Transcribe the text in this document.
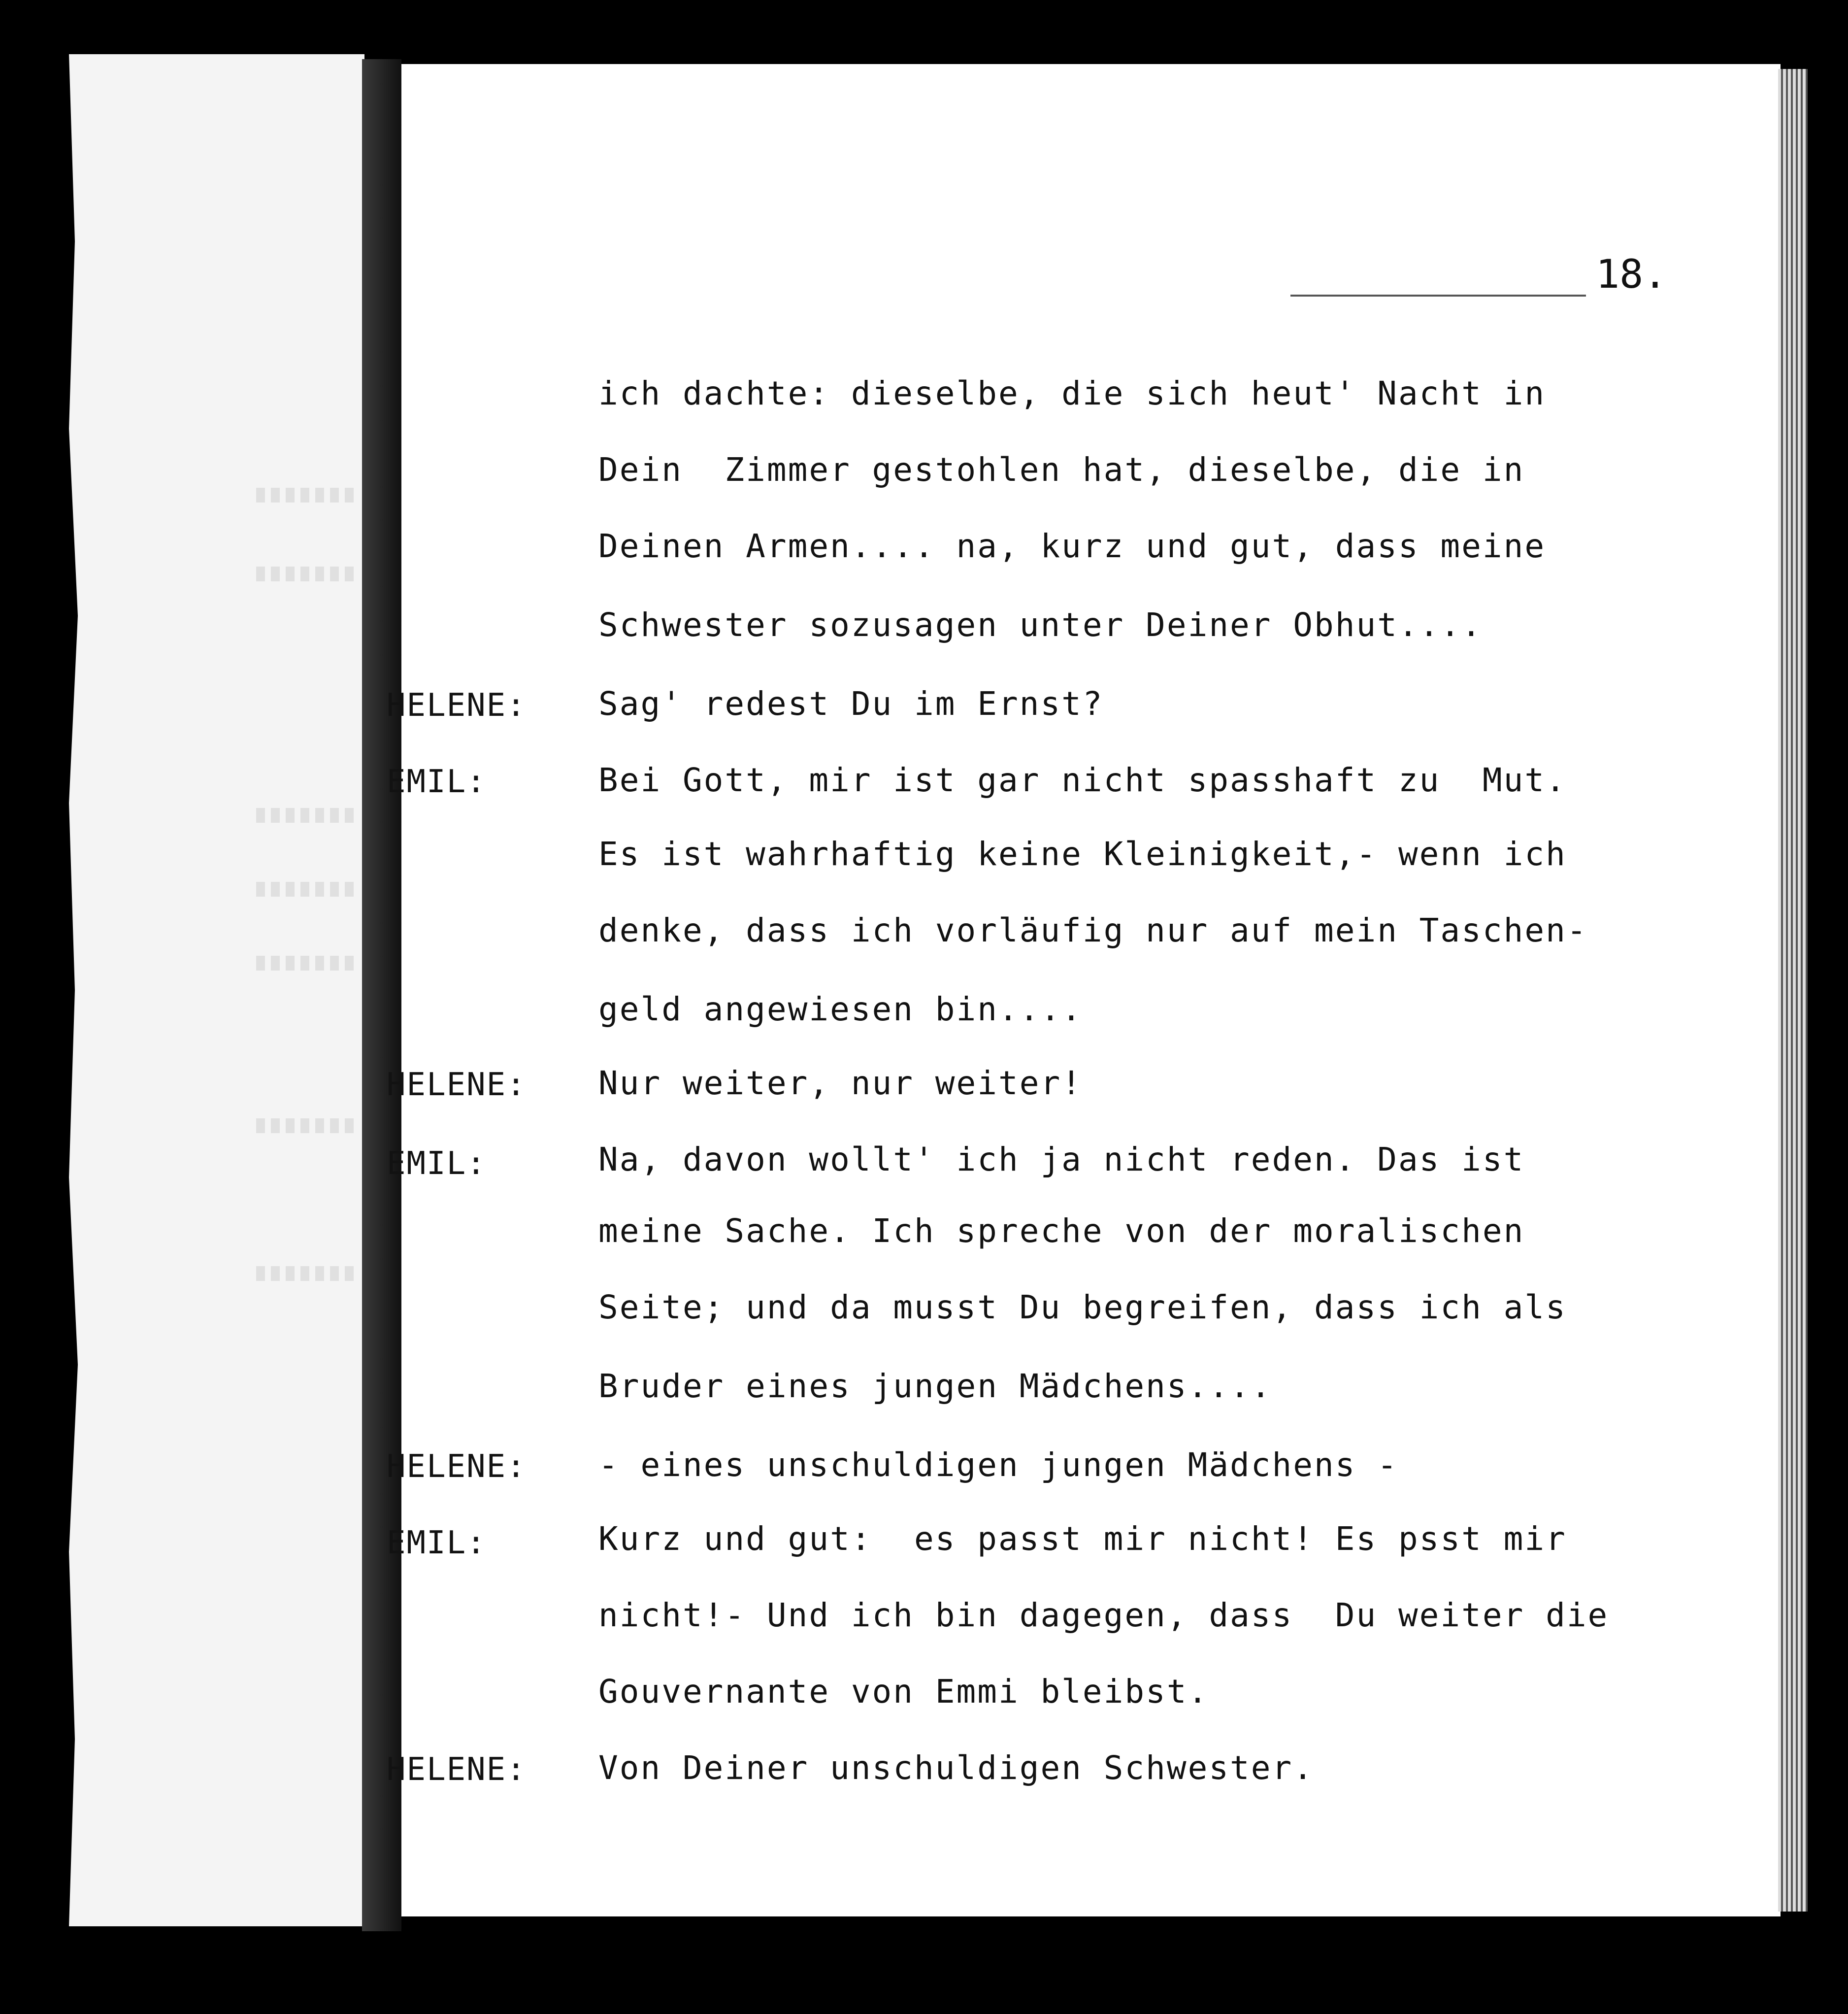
18.
HELENE:
EMIL:
HELENE:
EMIL:
HELENE:
EMIL:
HELENE:
ich dachte: dieselbe, die sich heut' Nacht in
Dein  Zimmer gestohlen hat, dieselbe, die in
Deinen Armen.... na, kurz und gut, dass meine
Schwester sozusagen unter Deiner Obhut....
Sag' redest Du im Ernst?
Bei Gott, mir ist gar nicht spasshaft zu  Mut.
Es ist wahrhaftig keine Kleinigkeit,- wenn ich
denke, dass ich vorläufig nur auf mein Taschen-
geld angewiesen bin....
Nur weiter, nur weiter!
Na, davon wollt' ich ja nicht reden. Das ist
meine Sache. Ich spreche von der moralischen
Seite; und da musst Du begreifen, dass ich als
Bruder eines jungen Mädchens....
- eines unschuldigen jungen Mädchens -
Kurz und gut:  es passt mir nicht! Es psst mir
nicht!- Und ich bin dagegen, dass  Du weiter die
Gouvernante von Emmi bleibst.
Von Deiner unschuldigen Schwester.
